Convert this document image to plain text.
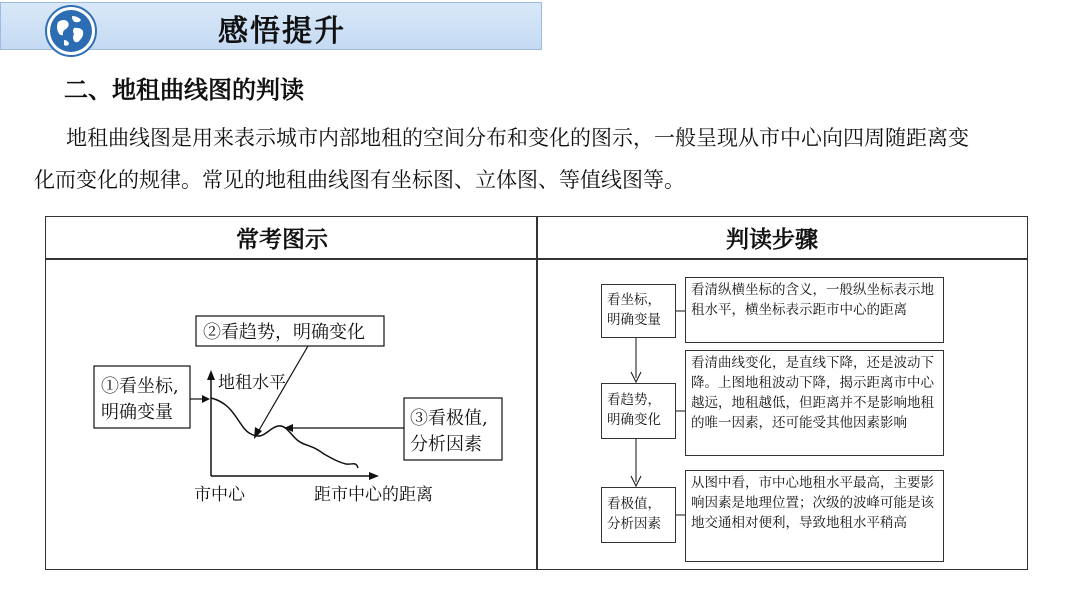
感悟提升
二、地租曲线图的判读
地租曲线图是用来表示城市内部地租的空间分布和变化的图示，一般呈现从市中心向四周随距离变
化而变化的规律。常见的地租曲线图有坐标图、立体图、等值线图等。
常考图示	判读步骤
①看坐标,
明确变量
②看趋势，明确变化
③看极值,
分析因素
地租水平
市中心	距市中心的距离
看坐标，明确变量
看清纵横坐标的含义，一般纵坐标表示地租水平，横坐标表示距市中心的距离
看趋势，明确变化
看清曲线变化，是直线下降，还是波动下降。上图地租波动下降，揭示距离市中心越远，地租越低，但距离并不是影响地租的唯一因素，还可能受其他因素影响
看极值，分析因素
从图中看，市中心地租水平最高，主要影响因素是地理位置；次级的波峰可能是该地交通相对便利，导致地租水平稍高
